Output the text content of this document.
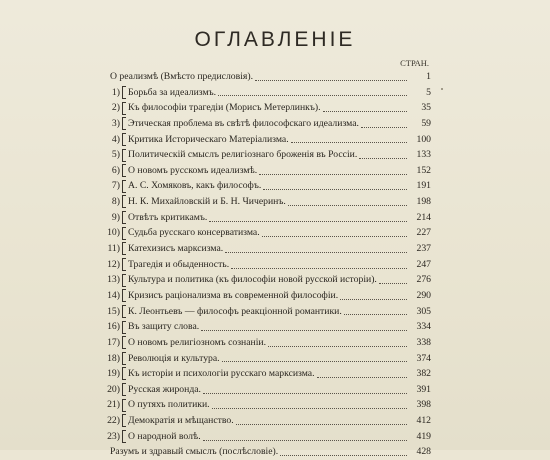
ОГЛАВЛЕНІЕ
СТРАН.
О реализмѣ (Вмѣсто предисловія).	1
1) Борьба за идеализмъ.	5
2) Къ философіи трагедіи (Морисъ Метерлинкъ).	35
3) Этическая проблема въ свѣтѣ философскаго идеализма.	59
4) Критика Историческаго Матеріализма.	100
5) Политическій смыслъ религіознаго броженія въ Россіи.	133
6) О новомъ русскомъ идеализмѣ.	152
7) А. С. Хомяковъ, какъ философъ.	191
8) Н. К. Михайловскій и Б. Н. Чичеринъ.	198
9) Отвѣтъ критикамъ.	214
10) Судьба русскаго консерватизма.	227
11) Катехизисъ марксизма.	237
12) Трагедія и обыденность.	247
13) Культура и политика (къ философіи новой русской исторіи).	276
14) Кризисъ раціонализма въ современной философіи.	290
15) К. Леонтьевъ — философъ реакціонной романтики.	305
16) Въ защиту слова.	334
17) О новомъ религіозномъ сознаніи.	338
18) Революція и культура.	374
19) Къ исторіи и психологіи русскаго марксизма.	382
20) Русская жиронда.	391
21) О путяхъ политики.	398
22) Демократія и мѣщанство.	412
23) О народной волѣ.	419
Разумъ и здравый смыслъ (послѣсловіе).	428
